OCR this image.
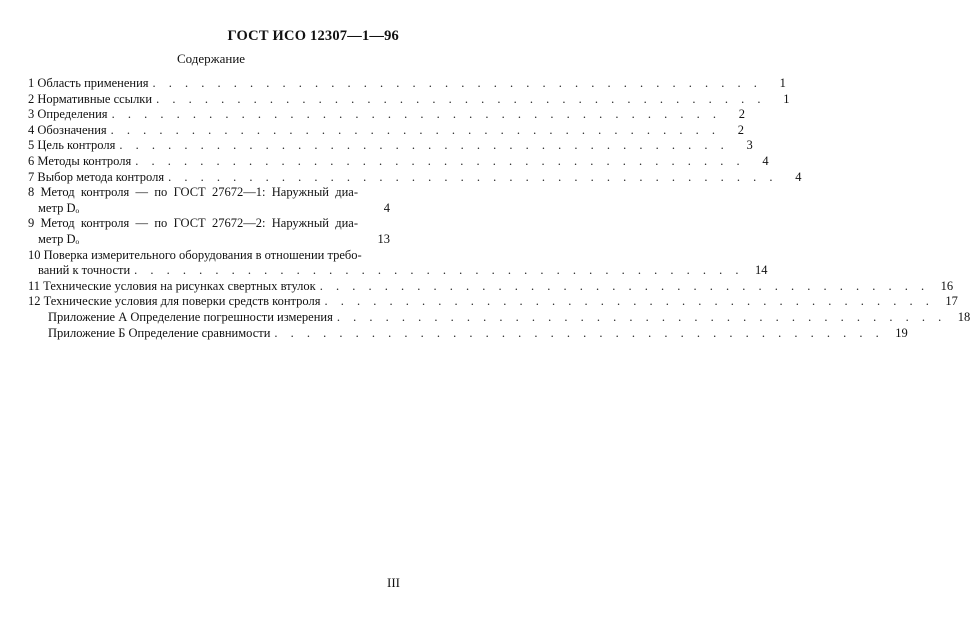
ГОСТ ИСО 12307—1—96
Содержание
1 Область применения . . . . . . . . . . . . . . . . . . . . . . . . . . . . . . . . . . . . . .	1
2 Нормативные ссылки . . . . . . . . . . . . . . . . . . . . . . . . . . . . . . . . . . . . . .	1
3 Определения . . . . . . . . . . . . . . . . . . . . . . . . . . . . . . . . . . . . . .	2
4 Обозначения . . . . . . . . . . . . . . . . . . . . . . . . . . . . . . . . . . . . . .	2
5 Цель контроля . . . . . . . . . . . . . . . . . . . . . . . . . . . . . . . . . . . . . .	3
6 Методы контроля . . . . . . . . . . . . . . . . . . . . . . . . . . . . . . . . . . . . . .	4
7 Выбор метода контроля . . . . . . . . . . . . . . . . . . . . . . . . . . . . . . . . . . . . . .	4
8 Метод контроля — по ГОСТ 27672—1: Наружный диа-
метр Dₒ	4
9 Метод контроля — по ГОСТ 27672—2: Наружный диа-
метр Dₒ	13
10 Поверка измерительного оборудования в отношении требо-
ваний к точности . . . . . . . . . . . . . . . . . . . . . . . . . . . . . . . . . . . . . . 14
11 Технические условия на рисунках свертных втулок . . . . . . . . . . . . . . . . . . . . . . . . . . . . . . . . . . . . . . 16
12 Технические условия для поверки средств контроля . . . . . . . . . . . . . . . . . . . . . . . . . . . . . . . . . . . . . . 17
Приложение А Определение погрешности измерения . . . . . . . . . . . . . . . . . . . . . . . . . . . . . . . . . . . . . . 18
Приложение Б Определение сравнимости . . . . . . . . . . . . . . . . . . . . . . . . . . . . . . . . . . . . . . 19
III
